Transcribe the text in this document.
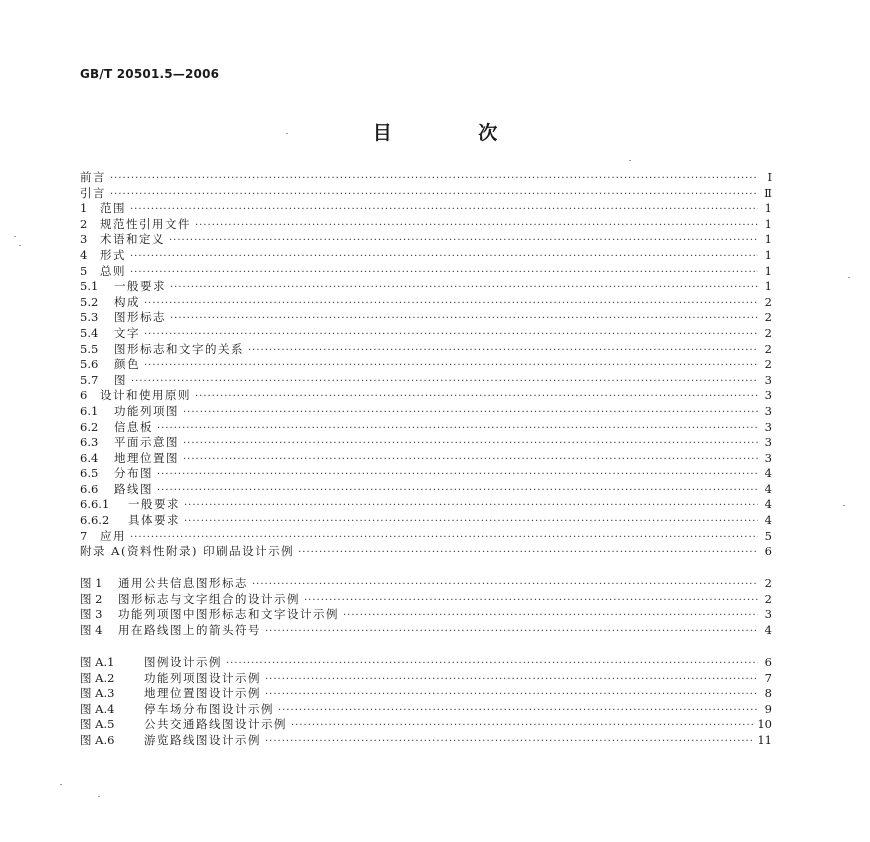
GB/T 20501.5—2006
目 次
前言 ·····	Ⅰ
引言 ·····	Ⅱ
1	范围 ·····	1
2	规范性引用文件 ·····	1
3	术语和定义 ·····	1
4	形式 ·····	1
5	总则 ·····	1
5.1	一般要求 ·····	1
5.2	构成 ·····	2
5.3	图形标志 ·····	2
5.4	文字 ·····	2
5.5	图形标志和文字的关系 ·····	2
5.6	颜色 ·····	2
5.7	图 ·····	3
6	设计和使用原则 ·····	3
6.1	功能列项图 ·····	3
6.2	信息板 ·····	3
6.3	平面示意图 ·····	3
6.4	地理位置图 ·····	3
6.5	分布图 ·····	4
6.6	路线图 ·····	4
6.6.1	一般要求 ·····	4
6.6.2	具体要求 ·····	4
7	应用 ·····	5
附录 A(资料性附录) 印刷品设计示例 ·····	6
图 1	通用公共信息图形标志 ·····	2
图 2	图形标志与文字组合的设计示例 ·····	2
图 3	功能列项图中图形标志和文字设计示例 ·····	3
图 4	用在路线图上的箭头符号 ·····	4
图 A.1	图例设计示例 ·····	6
图 A.2	功能列项图设计示例 ·····	7
图 A.3	地理位置图设计示例 ·····	8
图 A.4	停车场分布图设计示例 ·····	9
图 A.5	公共交通路线图设计示例 ·····	10
图 A.6	游览路线图设计示例 ·····	11
